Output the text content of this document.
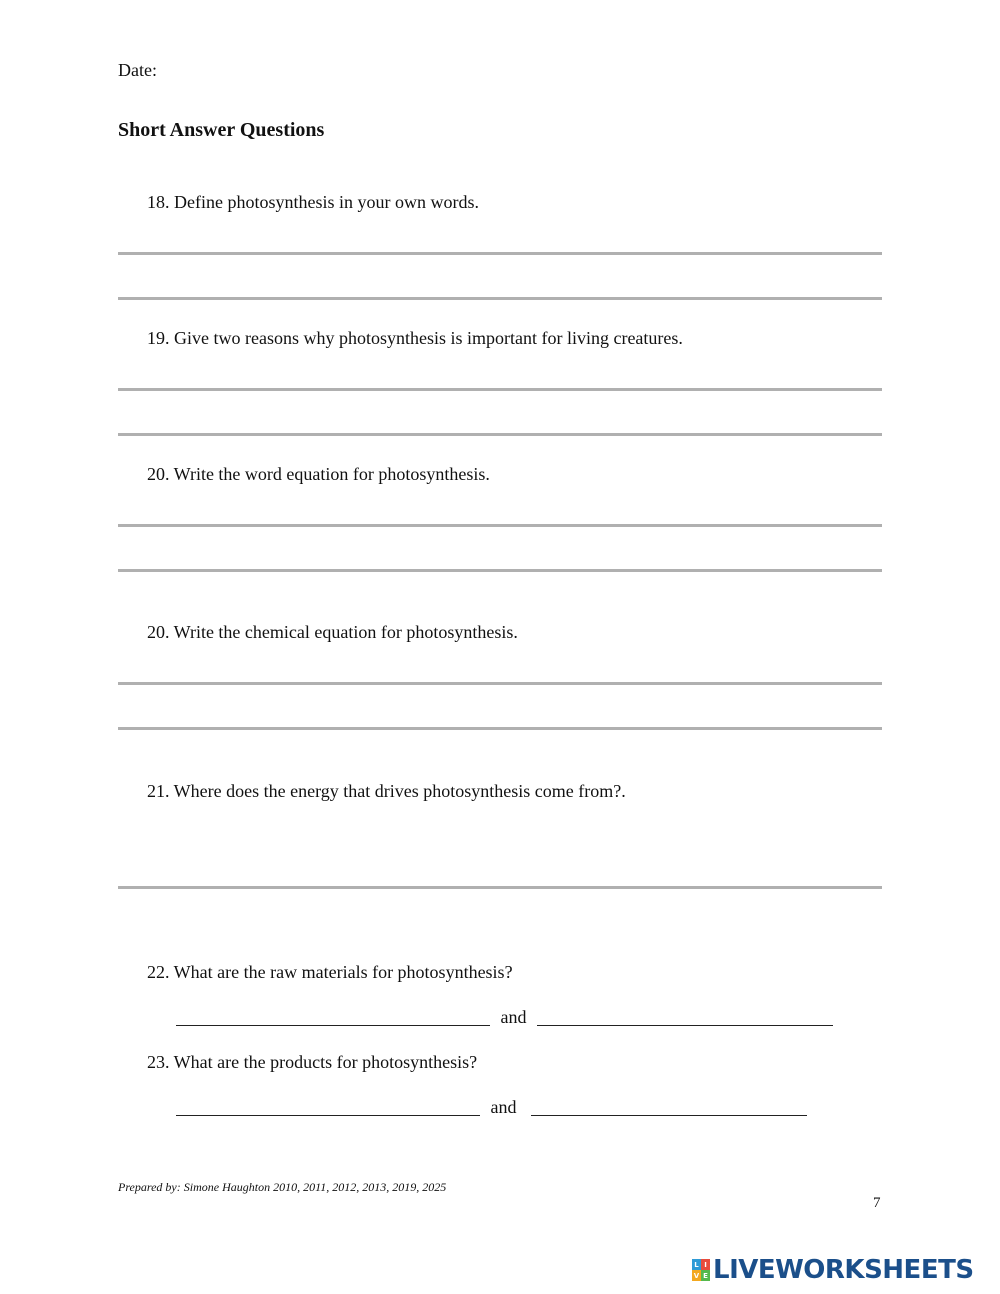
Date:
Short Answer Questions
18. Define photosynthesis in your own words.
19. Give two reasons why photosynthesis is important for living creatures.
20. Write the word equation for photosynthesis.
20. Write the chemical equation for photosynthesis.
21. Where does the energy that drives photosynthesis come from?.
22. What are the raw materials for photosynthesis?
and
23. What are the products for photosynthesis?
and
Prepared by: Simone Haughton 2010, 2011, 2012, 2013, 2019, 2025
7
L I
V E LIVEWORKSHEETS
